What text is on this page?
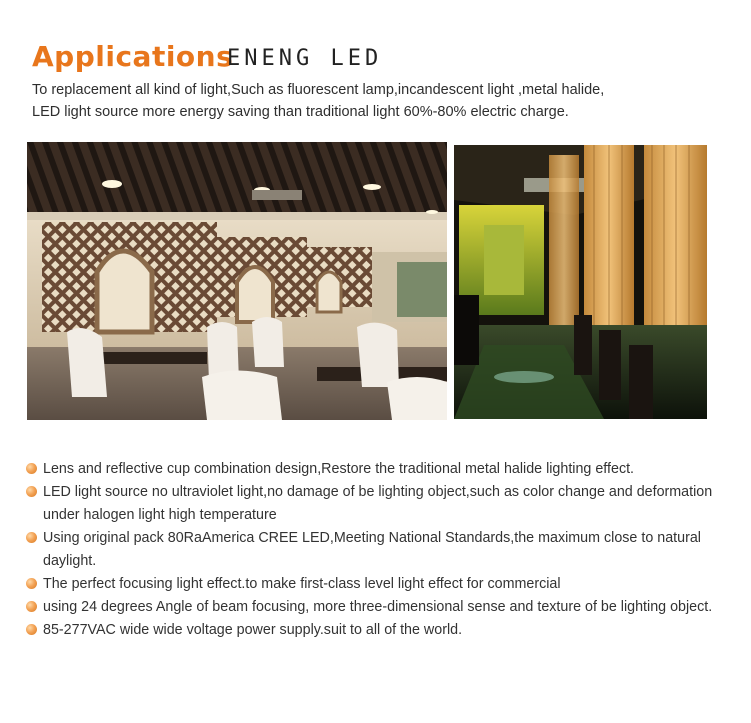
Applications
ENENG LED
To replacement all kind of light,Such as fluorescent lamp,incandescent light ,metal halide,
LED light source more energy saving than traditional light 60%-80% electric charge.
Lens and reflective cup combination design,Restore the traditional metal halide lighting effect.
LED light source no ultraviolet light,no damage of be lighting object,such as color change and deformation under halogen light high temperature
Using original pack 80RaAmerica CREE LED,Meeting National Standards,the maximum close to natural daylight.
The perfect focusing light effect.to make first-class level light effect for commercial
using 24 degrees Angle of beam focusing, more three-dimensional sense and texture of be lighting object.
85-277VAC wide wide voltage power supply.suit to all of the world.
